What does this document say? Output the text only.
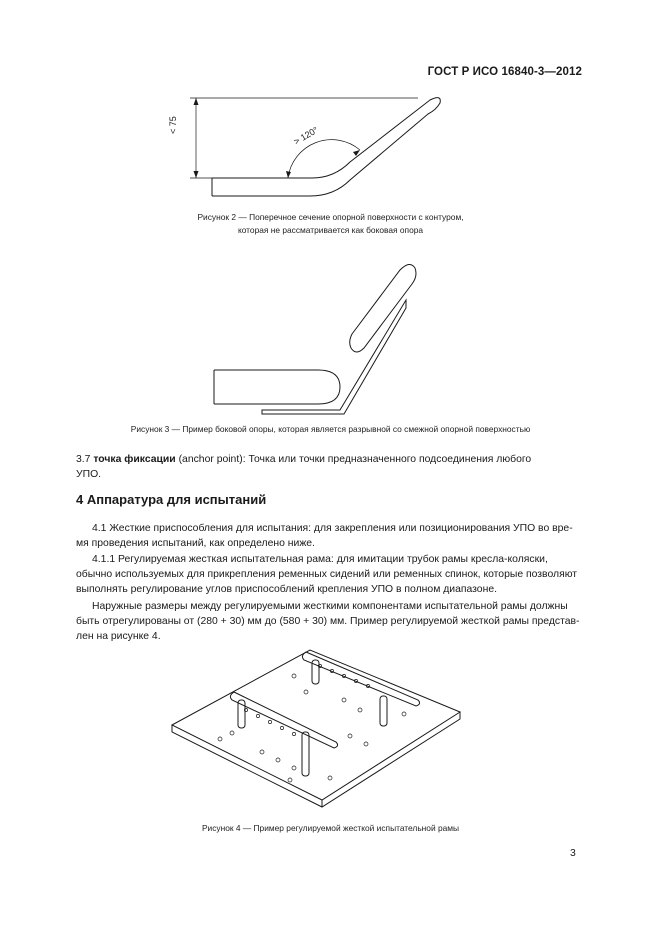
ГОСТ Р ИСО 16840-3—2012
< 75	> 120°
Рисунок 2 — Поперечное сечение опорной поверхности с контуром,
которая не рассматривается как боковая опора
Рисунок 3 — Пример боковой опоры, которая является разрывной со смежной опорной поверхностью
3.7 точка фиксации (anchor point): Точка или точки предназначенного подсоединения любого
УПО.
4 Аппаратура для испытаний
4.1 Жесткие приспособления для испытания: для закрепления или позиционирования УПО во вре-
мя проведения испытаний, как определено ниже.
4.1.1 Регулируемая жесткая испытательная рама: для имитации трубок рамы кресла-коляски,
обычно используемых для прикрепления ременных сидений или ременных спинок, которые позволяют
выполнять регулирование углов приспособлений крепления УПО в полном диапазоне.
Наружные размеры между регулируемыми жесткими компонентами испытательной рамы должны
быть отрегулированы от (280 + 30) мм до (580 + 30) мм. Пример регулируемой жесткой рамы представ-
лен на рисунке 4.
Рисунок 4 — Пример регулируемой жесткой испытательной рамы
3
